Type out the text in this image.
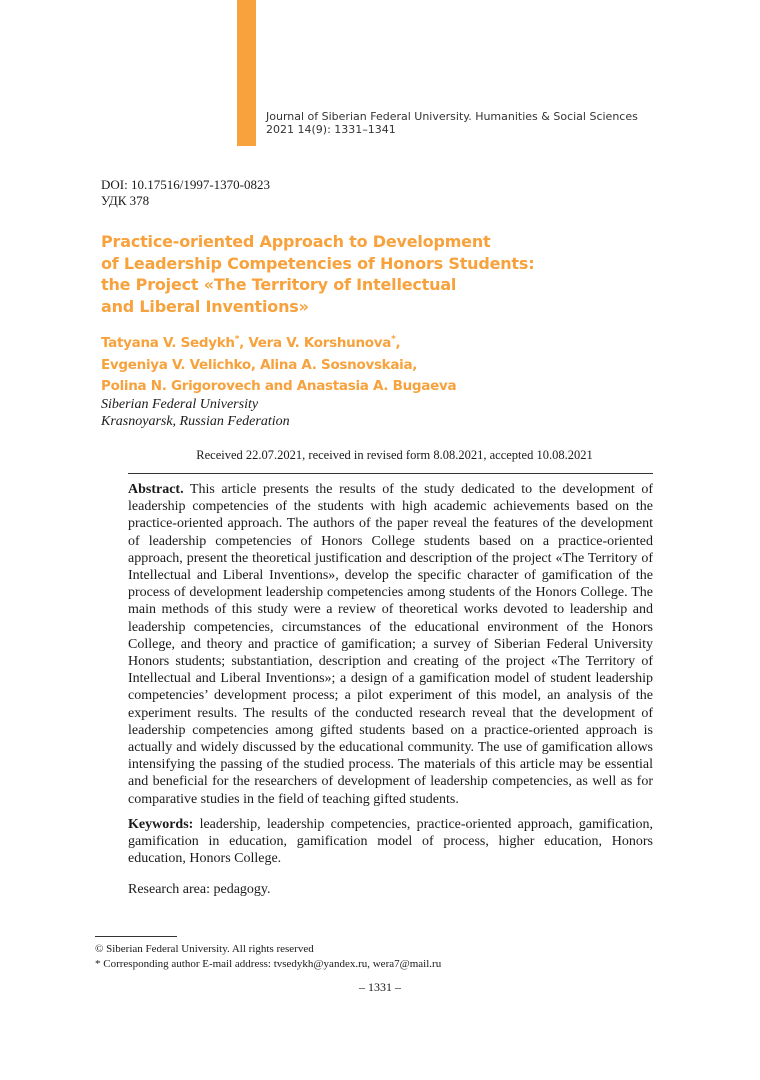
Journal of Siberian Federal University. Humanities & Social Sciences
2021 14(9): 1331–1341
DOI: 10.17516/1997-1370-0823
УДК 378
Practice-oriented Approach to Development
of Leadership Competencies of Honors Students:
the Project «The Territory of Intellectual
and Liberal Inventions»
Tatyana V. Sedykh*, Vera V. Korshunova*,
Evgeniya V. Velichko, Alina A. Sosnovskaia,
Polina N. Grigorovech and Anastasia A. Bugaeva
Siberian Federal University
Krasnoyarsk, Russian Federation
Received 22.07.2021, received in revised form 8.08.2021, accepted 10.08.2021

Abstract. This article presents the results of the study dedicated to the development of leadership competencies of the students with high academic achievements based on the practice-oriented approach. The authors of the paper reveal the features of the development of leadership competencies of Honors College students based on a practice-oriented approach, present the theoretical justification and description of the project «The Territory of Intellectual and Liberal Inventions», develop the specific character of gamification of the process of development leadership competencies among students of the Honors College. The main methods of this study were a review of theoretical works devoted to leadership and leadership competencies, circumstances of the educational environment of the Honors College, and theory and practice of gamification; a survey of Siberian Federal University Honors students; substantiation, description and creating of the project «The Territory of Intellectual and Liberal Inventions»; a design of a gamification model of student leadership competencies’ development process; a pilot experiment of this model, an analysis of the experiment results. The results of the conducted research reveal that the development of leadership competencies among gifted students based on a practice-oriented approach is actually and widely discussed by the educational community. The use of gamification allows intensifying the passing of the studied process. The materials of this article may be essential and beneficial for the researchers of development of leadership competencies, as well as for comparative studies in the field of teaching gifted students.

Keywords: leadership, leadership competencies, practice-oriented approach, gamification, gamification in education, gamification model of process, higher education, Honors education, Honors College.

Research area: pedagogy.

© Siberian Federal University. All rights reserved
* Corresponding author E-mail address: tvsedykh@yandex.ru, wera7@mail.ru
– 1331 –
